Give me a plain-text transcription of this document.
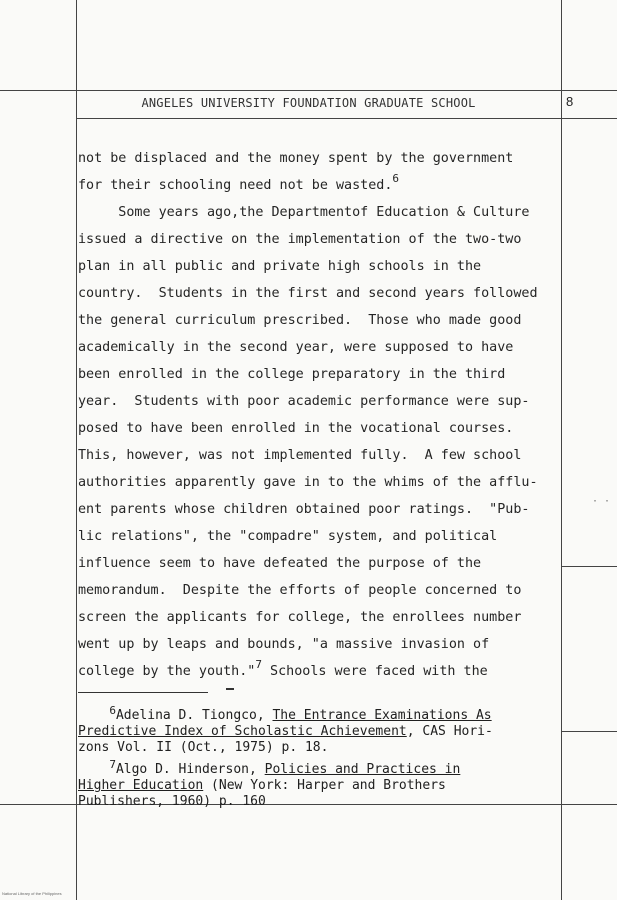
ANGELES UNIVERSITY FOUNDATION GRADUATE SCHOOL	8
not be displaced and the money spent by the government
for their schooling need not be wasted.$^6$
Some years ago,the Departmentof Education & Culture
issued a directive on the implementation of the two-two
plan in all public and private high schools in the
country.  Students in the first and second years followed
the general curriculum prescribed.  Those who made good
academically in the second year, were supposed to have
been enrolled in the college preparatory in the third
year.  Students with poor academic performance were sup-
posed to have been enrolled in the vocational courses.
This, however, was not implemented fully.  A few school
authorities apparently gave in to the whims of the afflu-
ent parents whose children obtained poor ratings.  "Pub-
lic relations", the "compadre" system, and political
influence seem to have defeated the purpose of the
memorandum.  Despite the efforts of people concerned to
screen the applicants for college, the enrollees number
went up by leaps and bounds, "a massive invasion of
college by the youth."$^7$ Schools were faced with the
· ·
$^6$Adelina D. Tiongco, The Entrance Examinations As
Predictive Index of Scholastic Achievement, CAS Hori-
zons Vol. II (Oct., 1975) p. 18.
$^7$Algo D. Hinderson, Policies and Practices in
Higher Education (New York: Harper and Brothers
Publishers, 1960) p. 160
National Library of the Philippines
